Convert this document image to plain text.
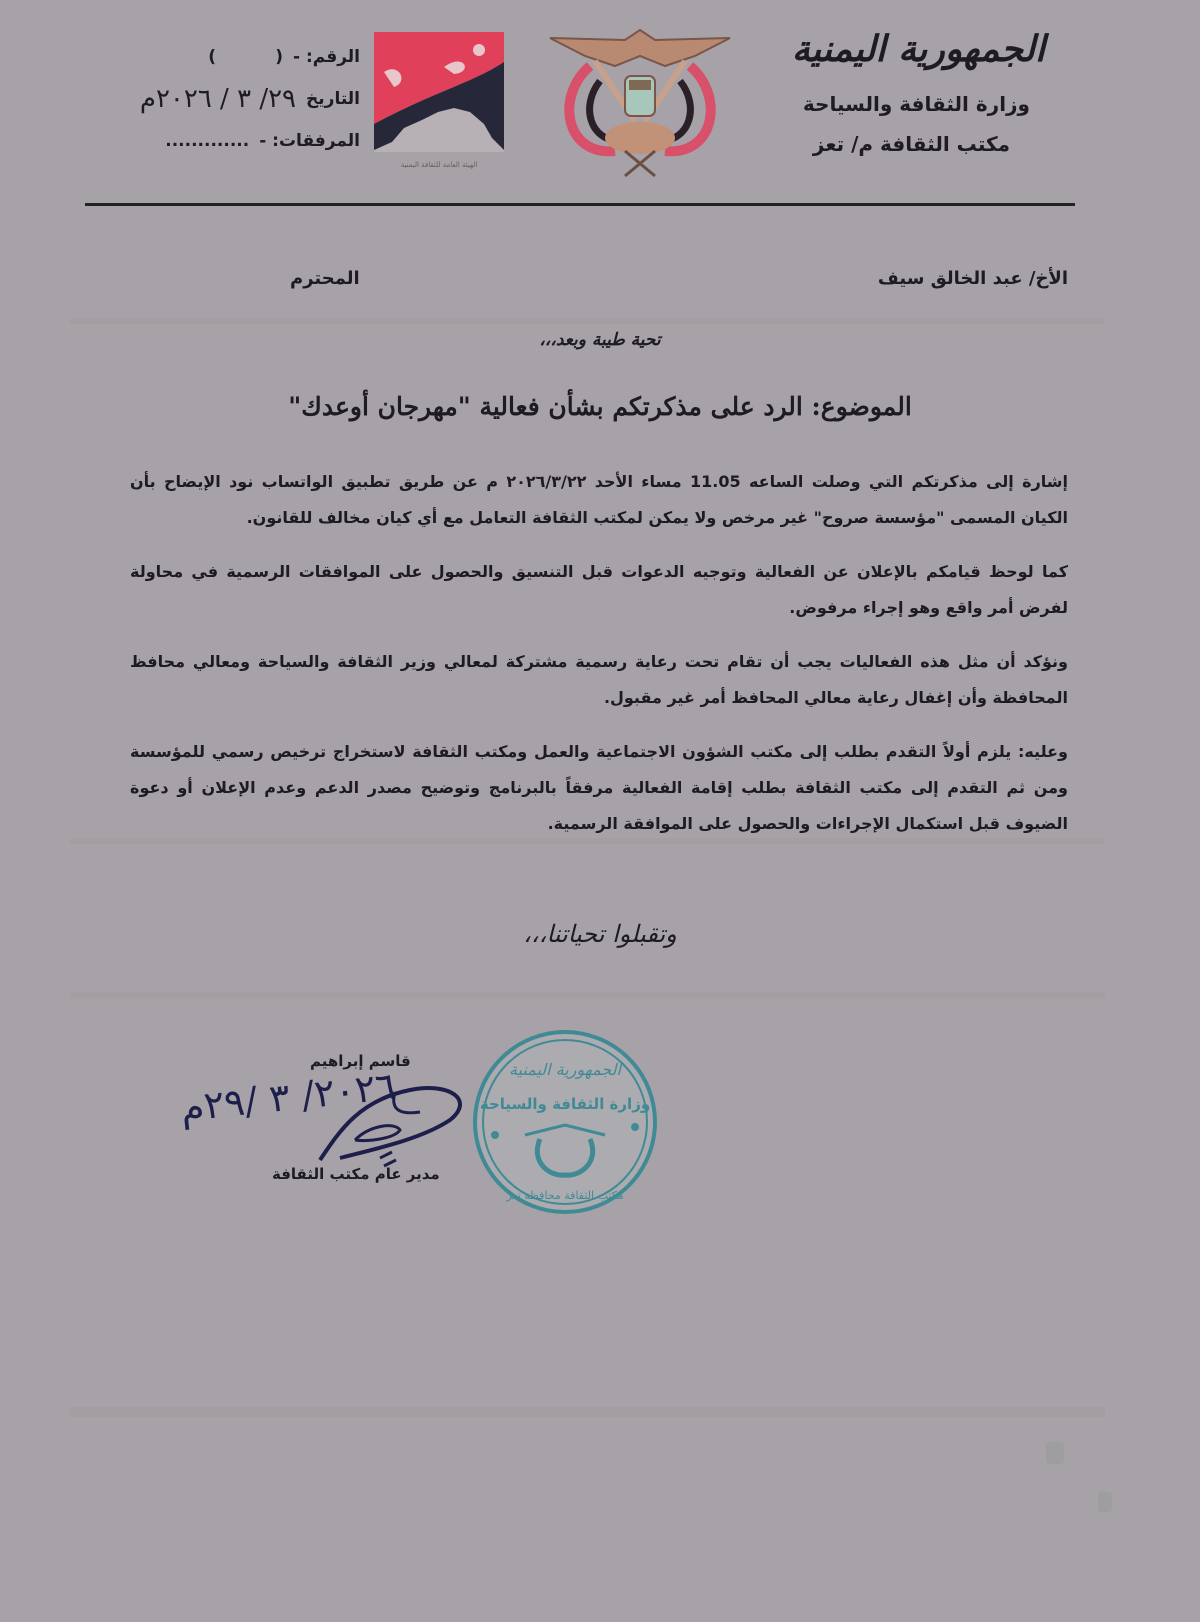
الجمهورية اليمنية
وزارة الثقافة والسياحة
مكتب الثقافة م/ تعز
الهيئة العامة للثقافة اليمنية
الرقم: -
(          )
التاريخ
٢٩/ ٣ / ٢٠٢٦م
المرفقات: -
.............
الأخ/ عبد الخالق سيف
المحترم
تحية طيبة وبعد،،،
الموضوع: الرد على مذكرتكم بشأن فعالية "مهرجان أوعدك"
إشارة إلى مذكرتكم التي وصلت الساعه 11.05 مساء الأحد ٢٠٢٦/٣/٢٢ م عن طريق تطبيق الواتساب نود الإيضاح بأن الكيان المسمى "مؤسسة صروح" غير مرخص ولا يمكن لمكتب الثقافة التعامل مع أي كيان مخالف للقانون.
كما لوحظ قيامكم بالإعلان عن الفعالية وتوجيه الدعوات قبل التنسيق والحصول على الموافقات الرسمية في محاولة لفرض أمر واقع وهو إجراء مرفوض.
ونؤكد أن مثل هذه الفعاليات يجب أن تقام تحت رعاية رسمية مشتركة لمعالي وزير الثقافة والسياحة ومعالي محافظ المحافظة وأن إغفال رعاية معالي المحافظ أمر غير مقبول.
وعليه: يلزم أولاً التقدم بطلب إلى مكتب الشؤون الاجتماعية والعمل ومكتب الثقافة لاستخراج ترخيص رسمي للمؤسسة ومن ثم التقدم إلى مكتب الثقافة بطلب إقامة الفعالية مرفقاً بالبرنامج وتوضيح مصدر الدعم وعدم الإعلان أو دعوة الضيوف قبل استكمال الإجراءات والحصول على الموافقة الرسمية.
وتقبلوا تحياتنا،،،
قاسم إبراهيم
٢٠٢٦/ ٣ /٢٩م
مدير عام مكتب الثقافة
الجمهورية اليمنية
وزارة الثقافة والسياحة
مكتب الثقافة محافظة تعز
